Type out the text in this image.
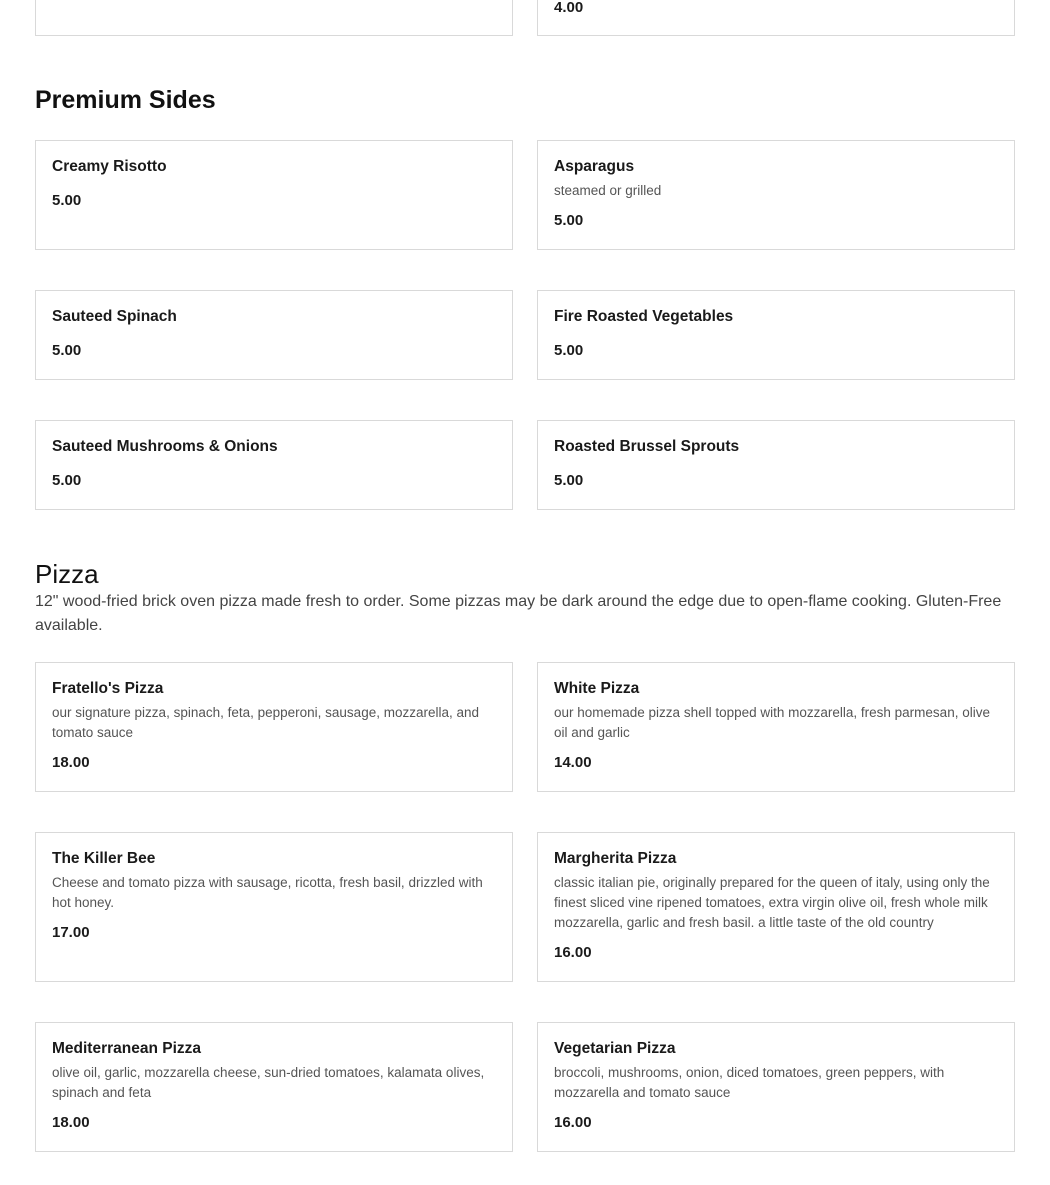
4.00

Premium Sides

Creamy Risotto

5.00

Asparagus

steamed or grilled

5.00

Sauteed Spinach

5.00

Fire Roasted Vegetables

5.00

Sauteed Mushrooms & Onions

5.00

Roasted Brussel Sprouts

5.00

Pizza

12" wood-fried brick oven pizza made fresh to order. Some pizzas may be dark around the edge due to open-flame cooking. Gluten-Free available.

Fratello's Pizza

our signature pizza, spinach, feta, pepperoni, sausage, mozzarella, and tomato sauce

18.00

White Pizza

our homemade pizza shell topped with mozzarella, fresh parmesan, olive oil and garlic

14.00

The Killer Bee

Cheese and tomato pizza with sausage, ricotta, fresh basil, drizzled with hot honey.

17.00

Margherita Pizza

classic italian pie, originally prepared for the queen of italy, using only the finest sliced vine ripened tomatoes, extra virgin olive oil, fresh whole milk mozzarella, garlic and fresh basil. a little taste of the old country

16.00

Mediterranean Pizza

olive oil, garlic, mozzarella cheese, sun-dried tomatoes, kalamata olives, spinach and feta

18.00

Vegetarian Pizza

broccoli, mushrooms, onion, diced tomatoes, green peppers, with mozzarella and tomato sauce

16.00
